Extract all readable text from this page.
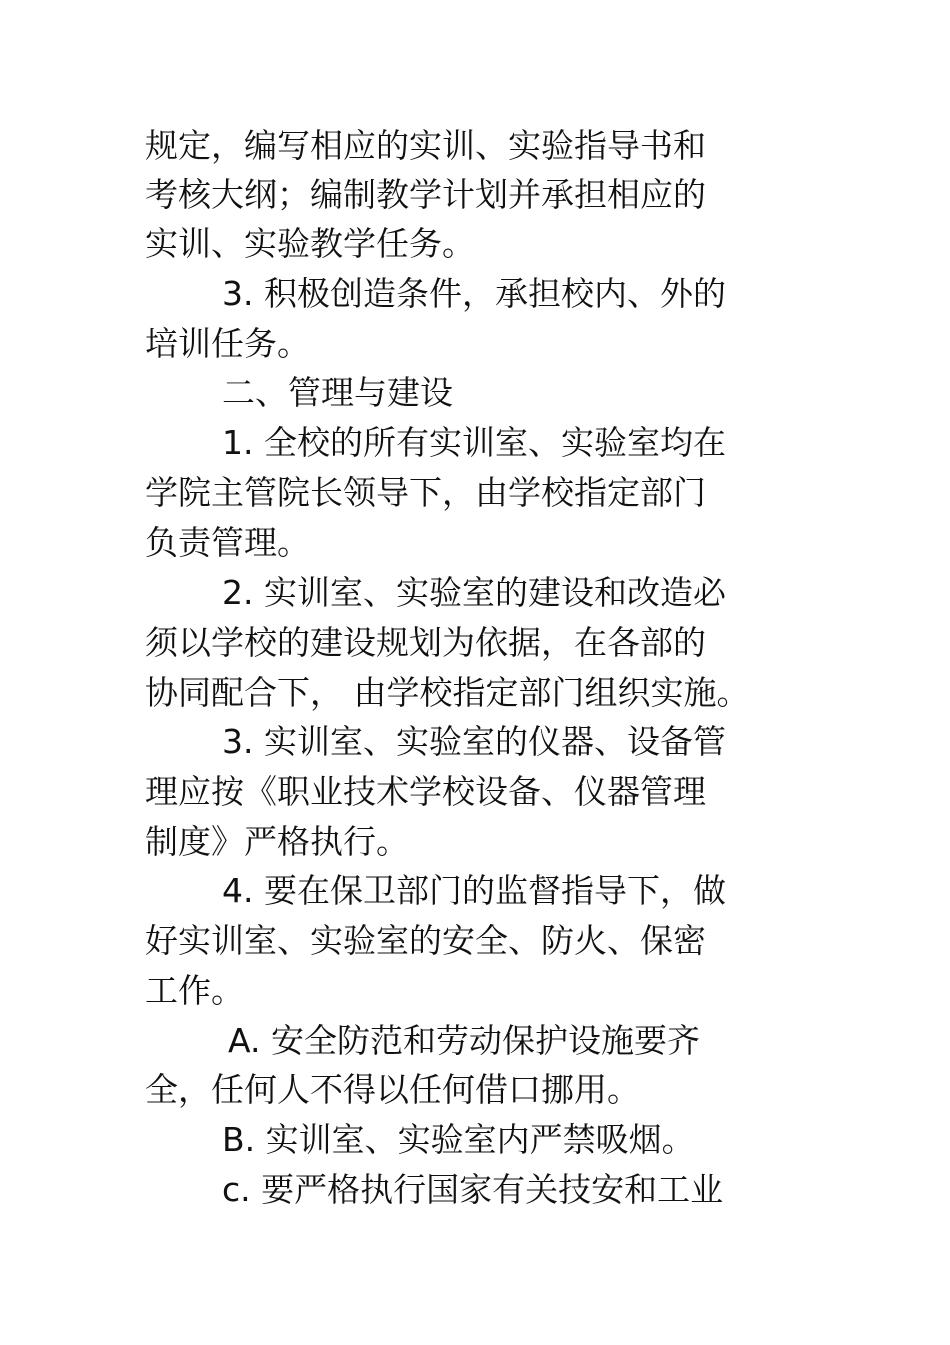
规定，编写相应的实训、实验指导书和
考核大纲；编制教学计划并承担相应的
实训、实验教学任务。
3. 积极创造条件，承担校内、外的
培训任务。
二、管理与建设
1. 全校的所有实训室、实验室均在
学院主管院长领导下，由学校指定部门
负责管理。
2. 实训室、实验室的建设和改造必
须以学校的建设规划为依据，在各部的
协同配合下， 由学校指定部门组织实施。
3. 实训室、实验室的仪器、设备管
理应按《职业技术学校设备、仪器管理
制度》严格执行。
4. 要在保卫部门的监督指导下，做
好实训室、实验室的安全、防火、保密
工作。
A. 安全防范和劳动保护设施要齐
全，任何人不得以任何借口挪用。
B. 实训室、实验室内严禁吸烟。
c. 要严格执行国家有关技安和工业
